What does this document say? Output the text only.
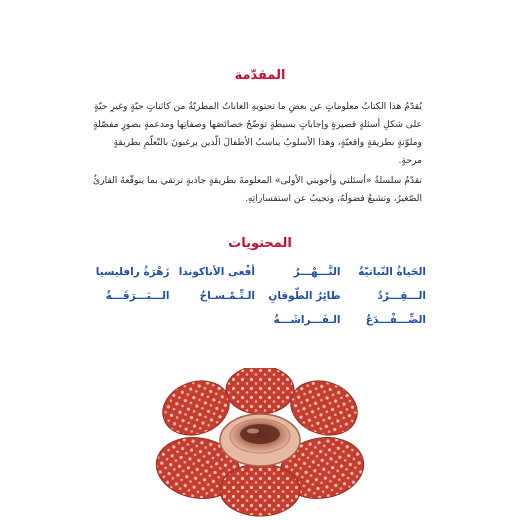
المقدّمة

يُقدّمُ هذا الكتابُ معلوماتٍ عن بعضِ ما تحتويهِ الغاباتُ المطريّةُ من كائناتٍ حيّةٍ وغيرِ حيّةٍ على شكلِ أسئلةٍ قصيرةٍ وإجاباتٍ بسيطةٍ توضّحُ خصائصَها وصفاتِها ومدعمةٍ بصورٍ مفصّلةٍ وملوّنةٍ بطريقةٍ واقعيّةٍ، وهذا الأسلوبُ يناسبُ الأطفالَ الّذين يرغبونَ بالتّعلّمِ بطريقةٍ مرحةٍ.

تقدّمُ سلسلةُ «أسئلتي وأجوبتي الأولى» المعلومةَ بطريقةٍ جاذبةٍ ترتقي بما يتوقّعهُ القارئُ الصّغيرُ، وتشبعُ فضولَهُ، وتجيبُ عن استفساراتِهِ.

المحتويات
الحَياةُ النّباتيّةُ
النَّـــهْـــرُ
أفْعى الأناكوندا
زَهْرَةُ رافليسيا
الـــقِـــرْدُ
طائِرُ الطّوقانِ
الـتِّـمْـسـاحُ
الـــبَـــرَقَـــةُ
الضِّـــفْـــدَعُ
الـفَـــراشَـــةُ
